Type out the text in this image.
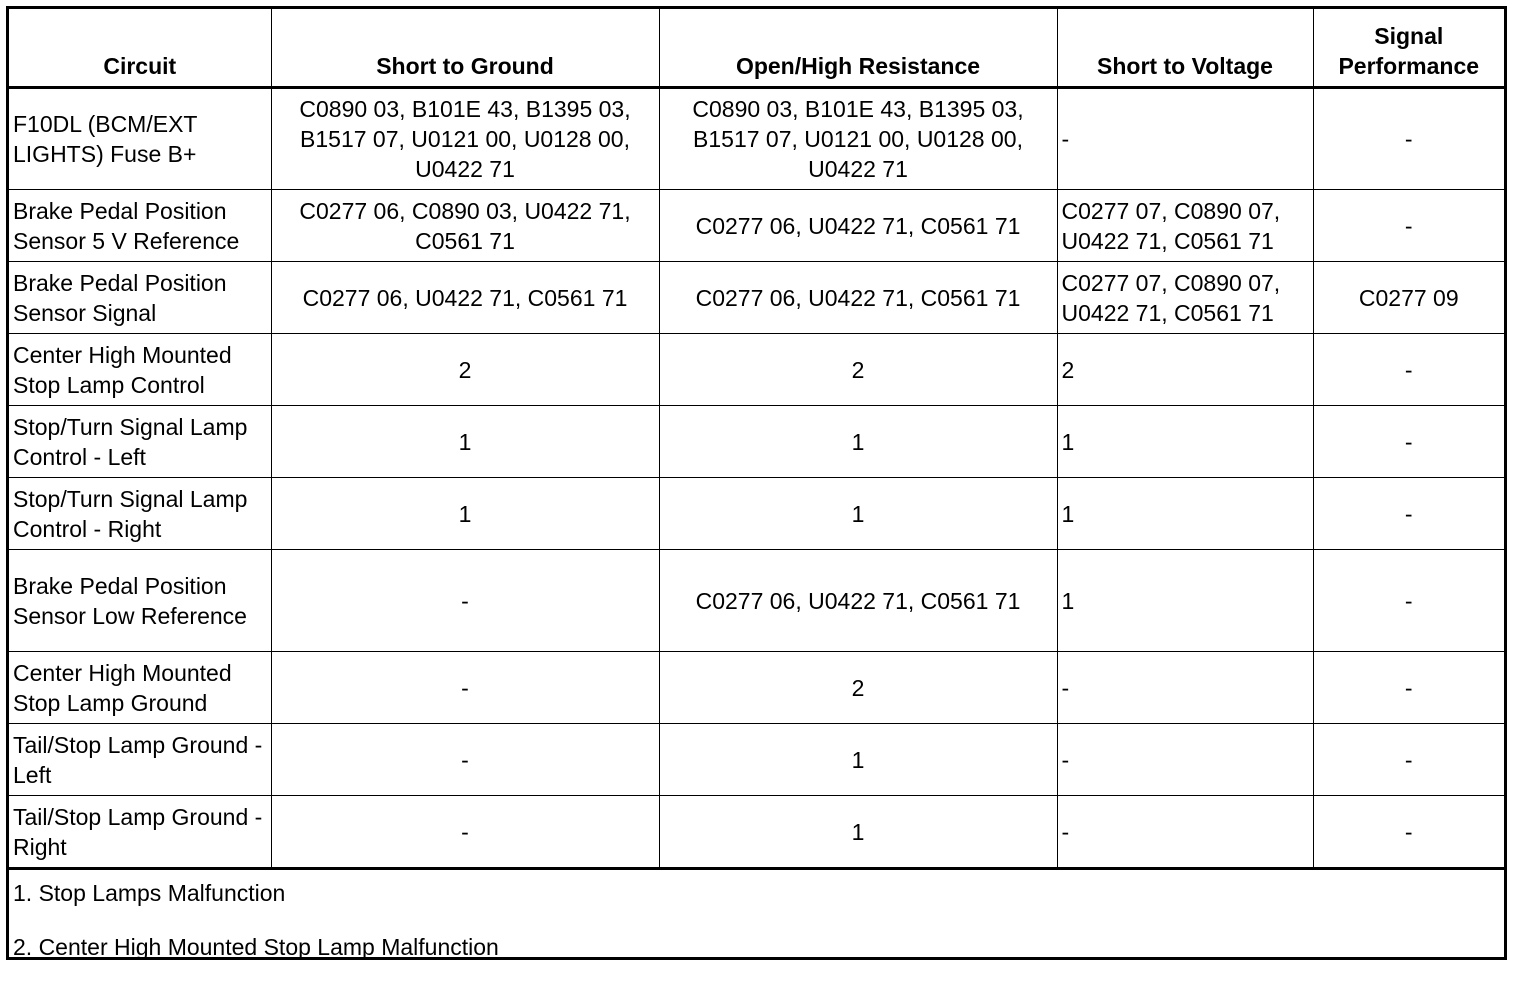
Circuit	Short to Ground	Open/High Resistance	Short to Voltage	Signal
Performance
F10DL (BCM/EXT LIGHTS) Fuse B+	C0890 03, B101E 43, B1395 03, B1517 07, U0121 00, U0128 00, U0422 71	C0890 03, B101E 43, B1395 03, B1517 07, U0121 00, U0128 00, U0422 71	-	-
Brake Pedal Position Sensor 5 V Reference	C0277 06, C0890 03, U0422 71, C0561 71	C0277 06, U0422 71, C0561 71	C0277 07, C0890 07, U0422 71, C0561 71	-
Brake Pedal Position Sensor Signal	C0277 06, U0422 71, C0561 71	C0277 06, U0422 71, C0561 71	C0277 07, C0890 07, U0422 71, C0561 71	C0277 09
Center High Mounted Stop Lamp Control	2	2	2	-
Stop/Turn Signal Lamp Control - Left	1	1	1	-
Stop/Turn Signal Lamp Control - Right	1	1	1	-
Brake Pedal Position Sensor Low Reference	-	C0277 06, U0422 71, C0561 71	1	-
Center High Mounted Stop Lamp Ground	-	2	-	-
Tail/Stop Lamp Ground - Left	-	1	-	-
Tail/Stop Lamp Ground - Right	-	1	-	-
1. Stop Lamps Malfunction
2. Center High Mounted Stop Lamp Malfunction
